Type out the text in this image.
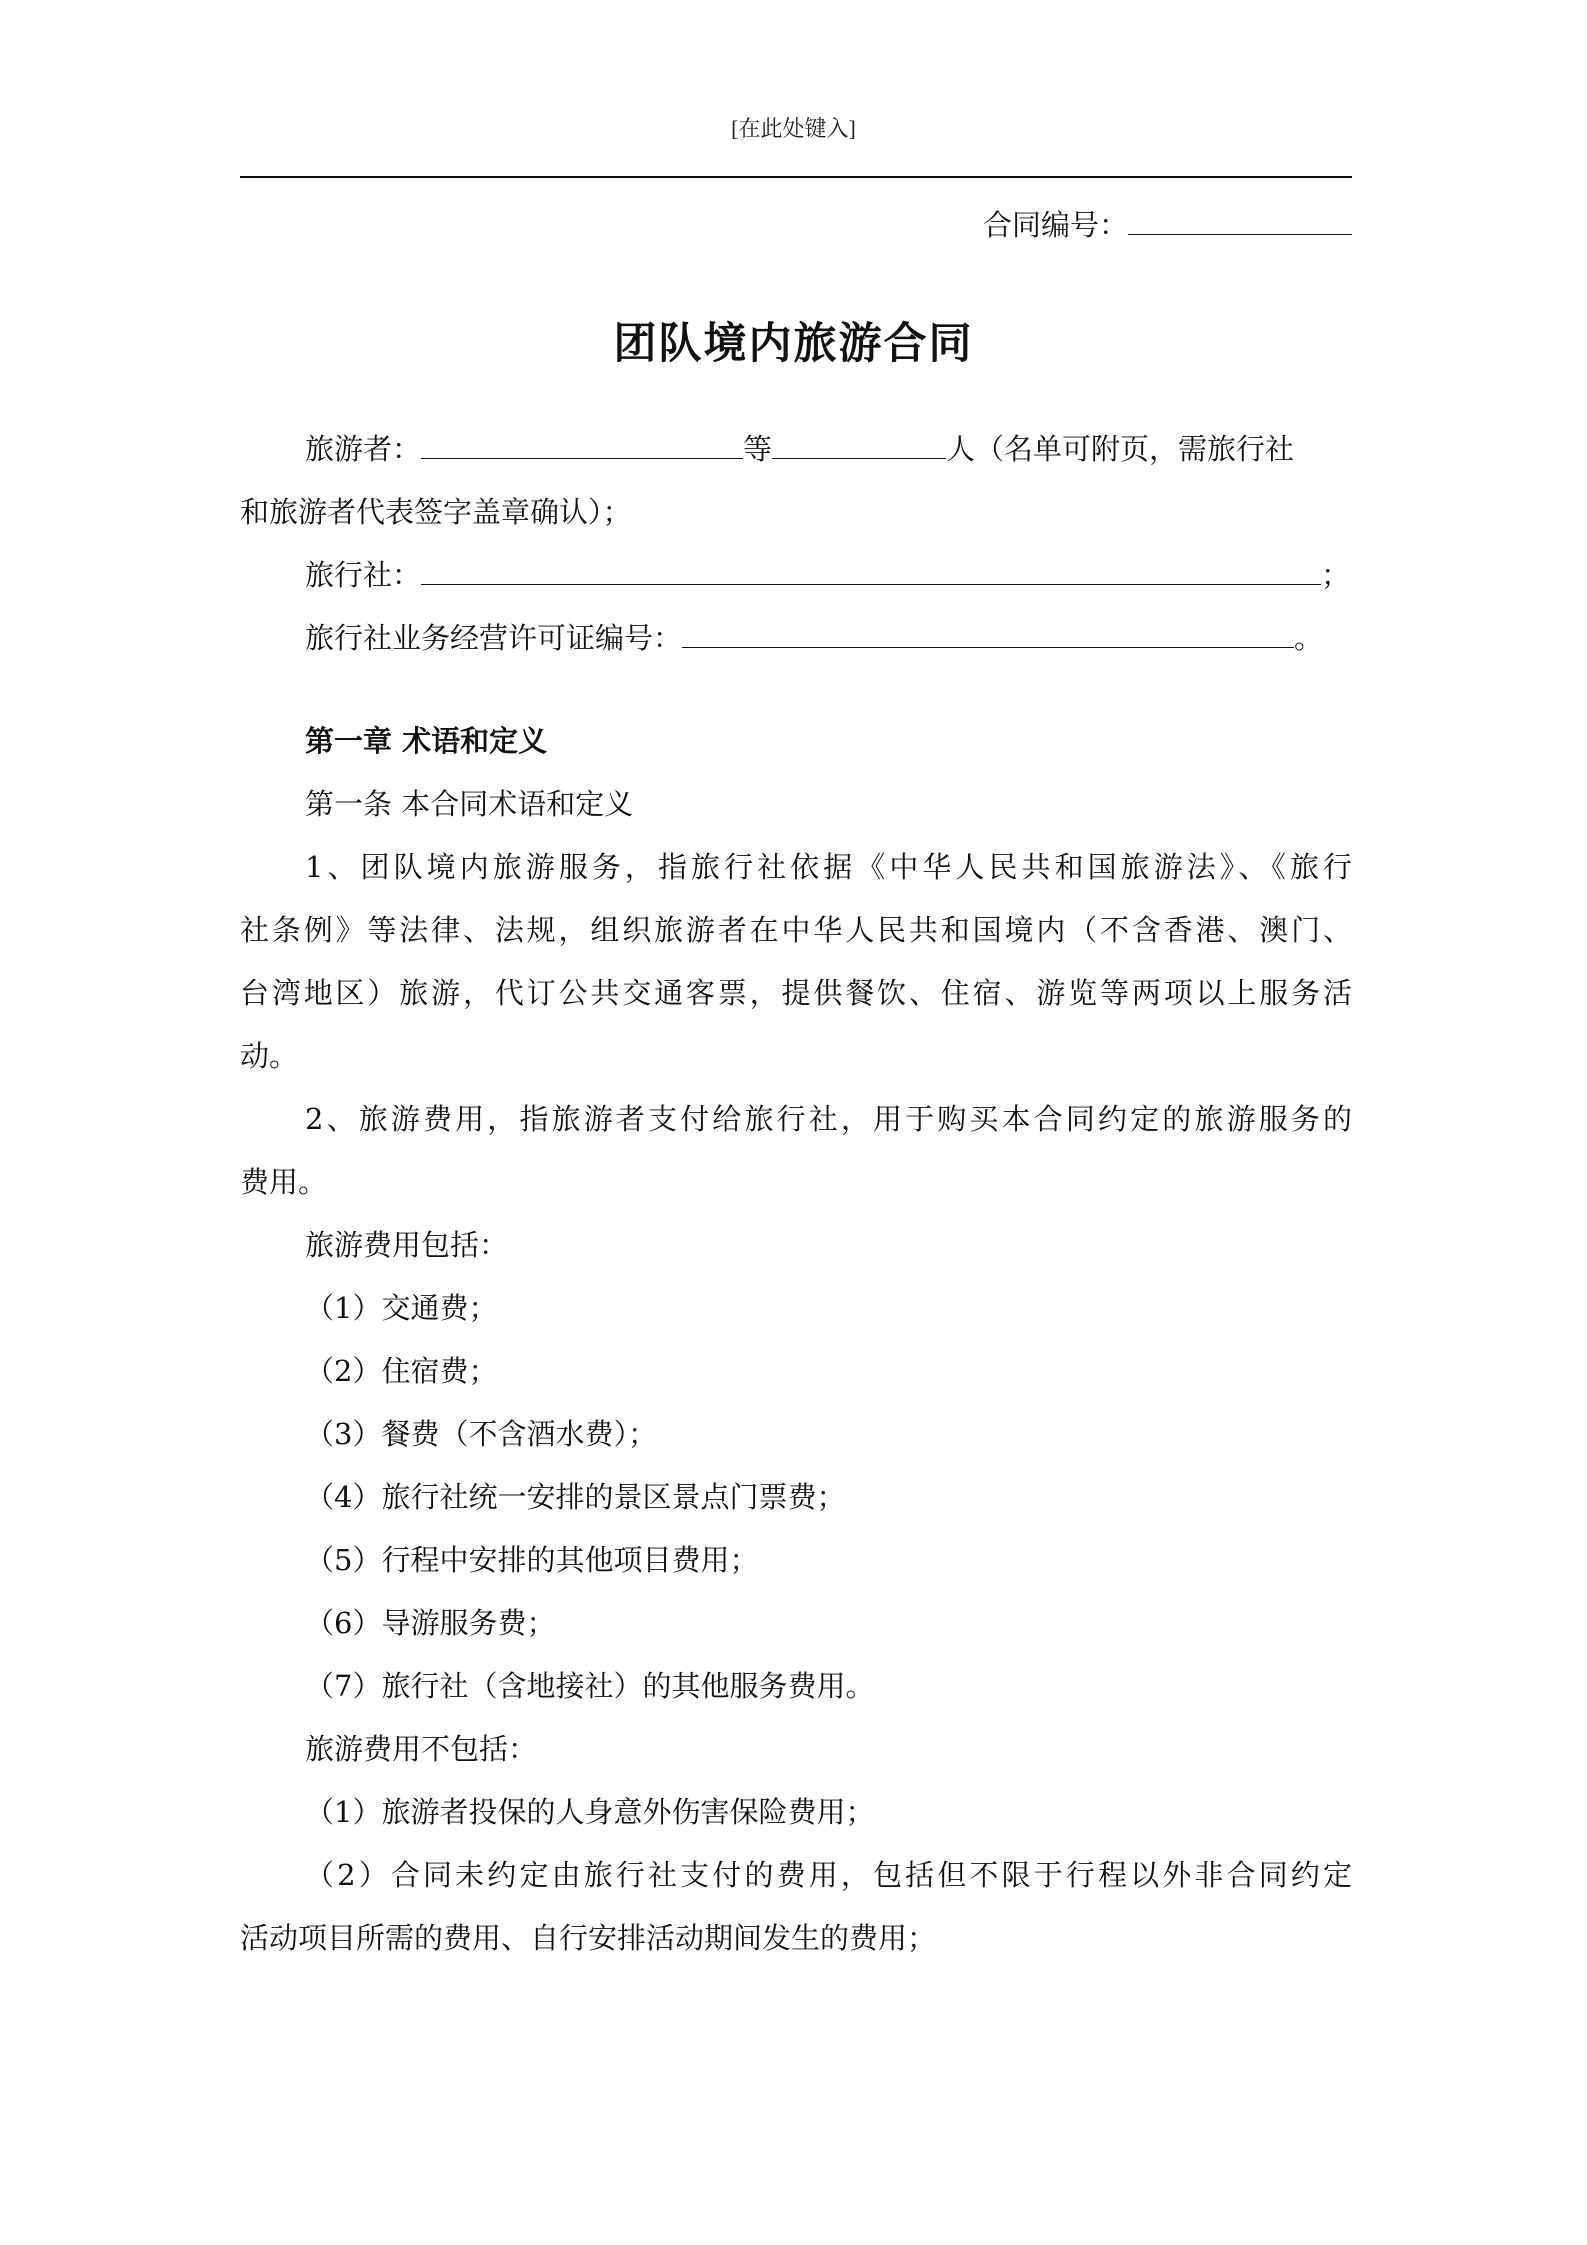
[在此处键入]
合同编号：
团队境内旅游合同
旅游者：	等	人（名单可附页，需旅行社
和旅游者代表签字盖章确认）；
旅行社：	；
旅行社业务经营许可证编号：	。
第一章 术语和定义
第一条 本合同术语和定义
1、团队境内旅游服务，指旅行社依据《中华人民共和国旅游法》、《旅行
社条例》等法律、法规，组织旅游者在中华人民共和国境内（不含香港、澳门、
台湾地区）旅游，代订公共交通客票，提供餐饮、住宿、游览等两项以上服务活
动。
2、旅游费用，指旅游者支付给旅行社，用于购买本合同约定的旅游服务的
费用。
旅游费用包括：
（1）交通费；
（2）住宿费；
（3）餐费（不含酒水费）；
（4）旅行社统一安排的景区景点门票费；
（5）行程中安排的其他项目费用；
（6）导游服务费；
（7）旅行社（含地接社）的其他服务费用。
旅游费用不包括：
（1）旅游者投保的人身意外伤害保险费用；
（2）合同未约定由旅行社支付的费用，包括但不限于行程以外非合同约定
活动项目所需的费用、自行安排活动期间发生的费用；
